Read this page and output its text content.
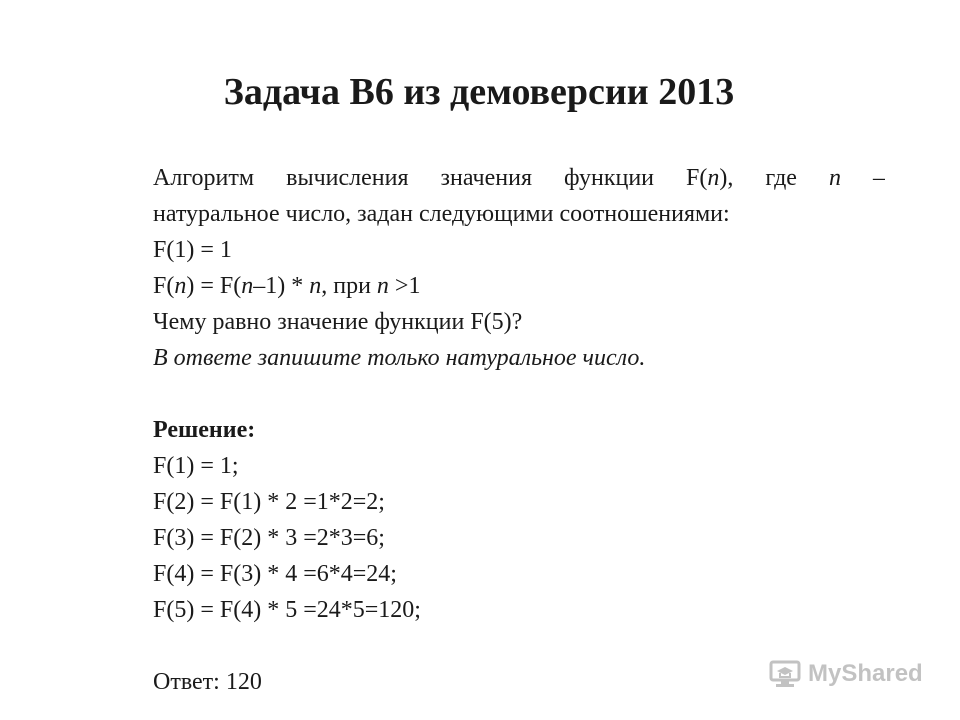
Задача В6 из демоверсии 2013
Алгоритм вычисления значения функции F(n), где n –
натуральное число, задан следующими соотношениями:
F(1) = 1
F(n) = F(n–1) * n, при n >1
Чему равно значение функции F(5)?
В ответе запишите только натуральное число.
Решение:
F(1) = 1;
F(2) = F(1) * 2 =1*2=2;
F(3) = F(2) * 3 =2*3=6;
F(4) = F(3) * 4 =6*4=24;
F(5) = F(4) * 5 =24*5=120;
Ответ: 120	MyShared
